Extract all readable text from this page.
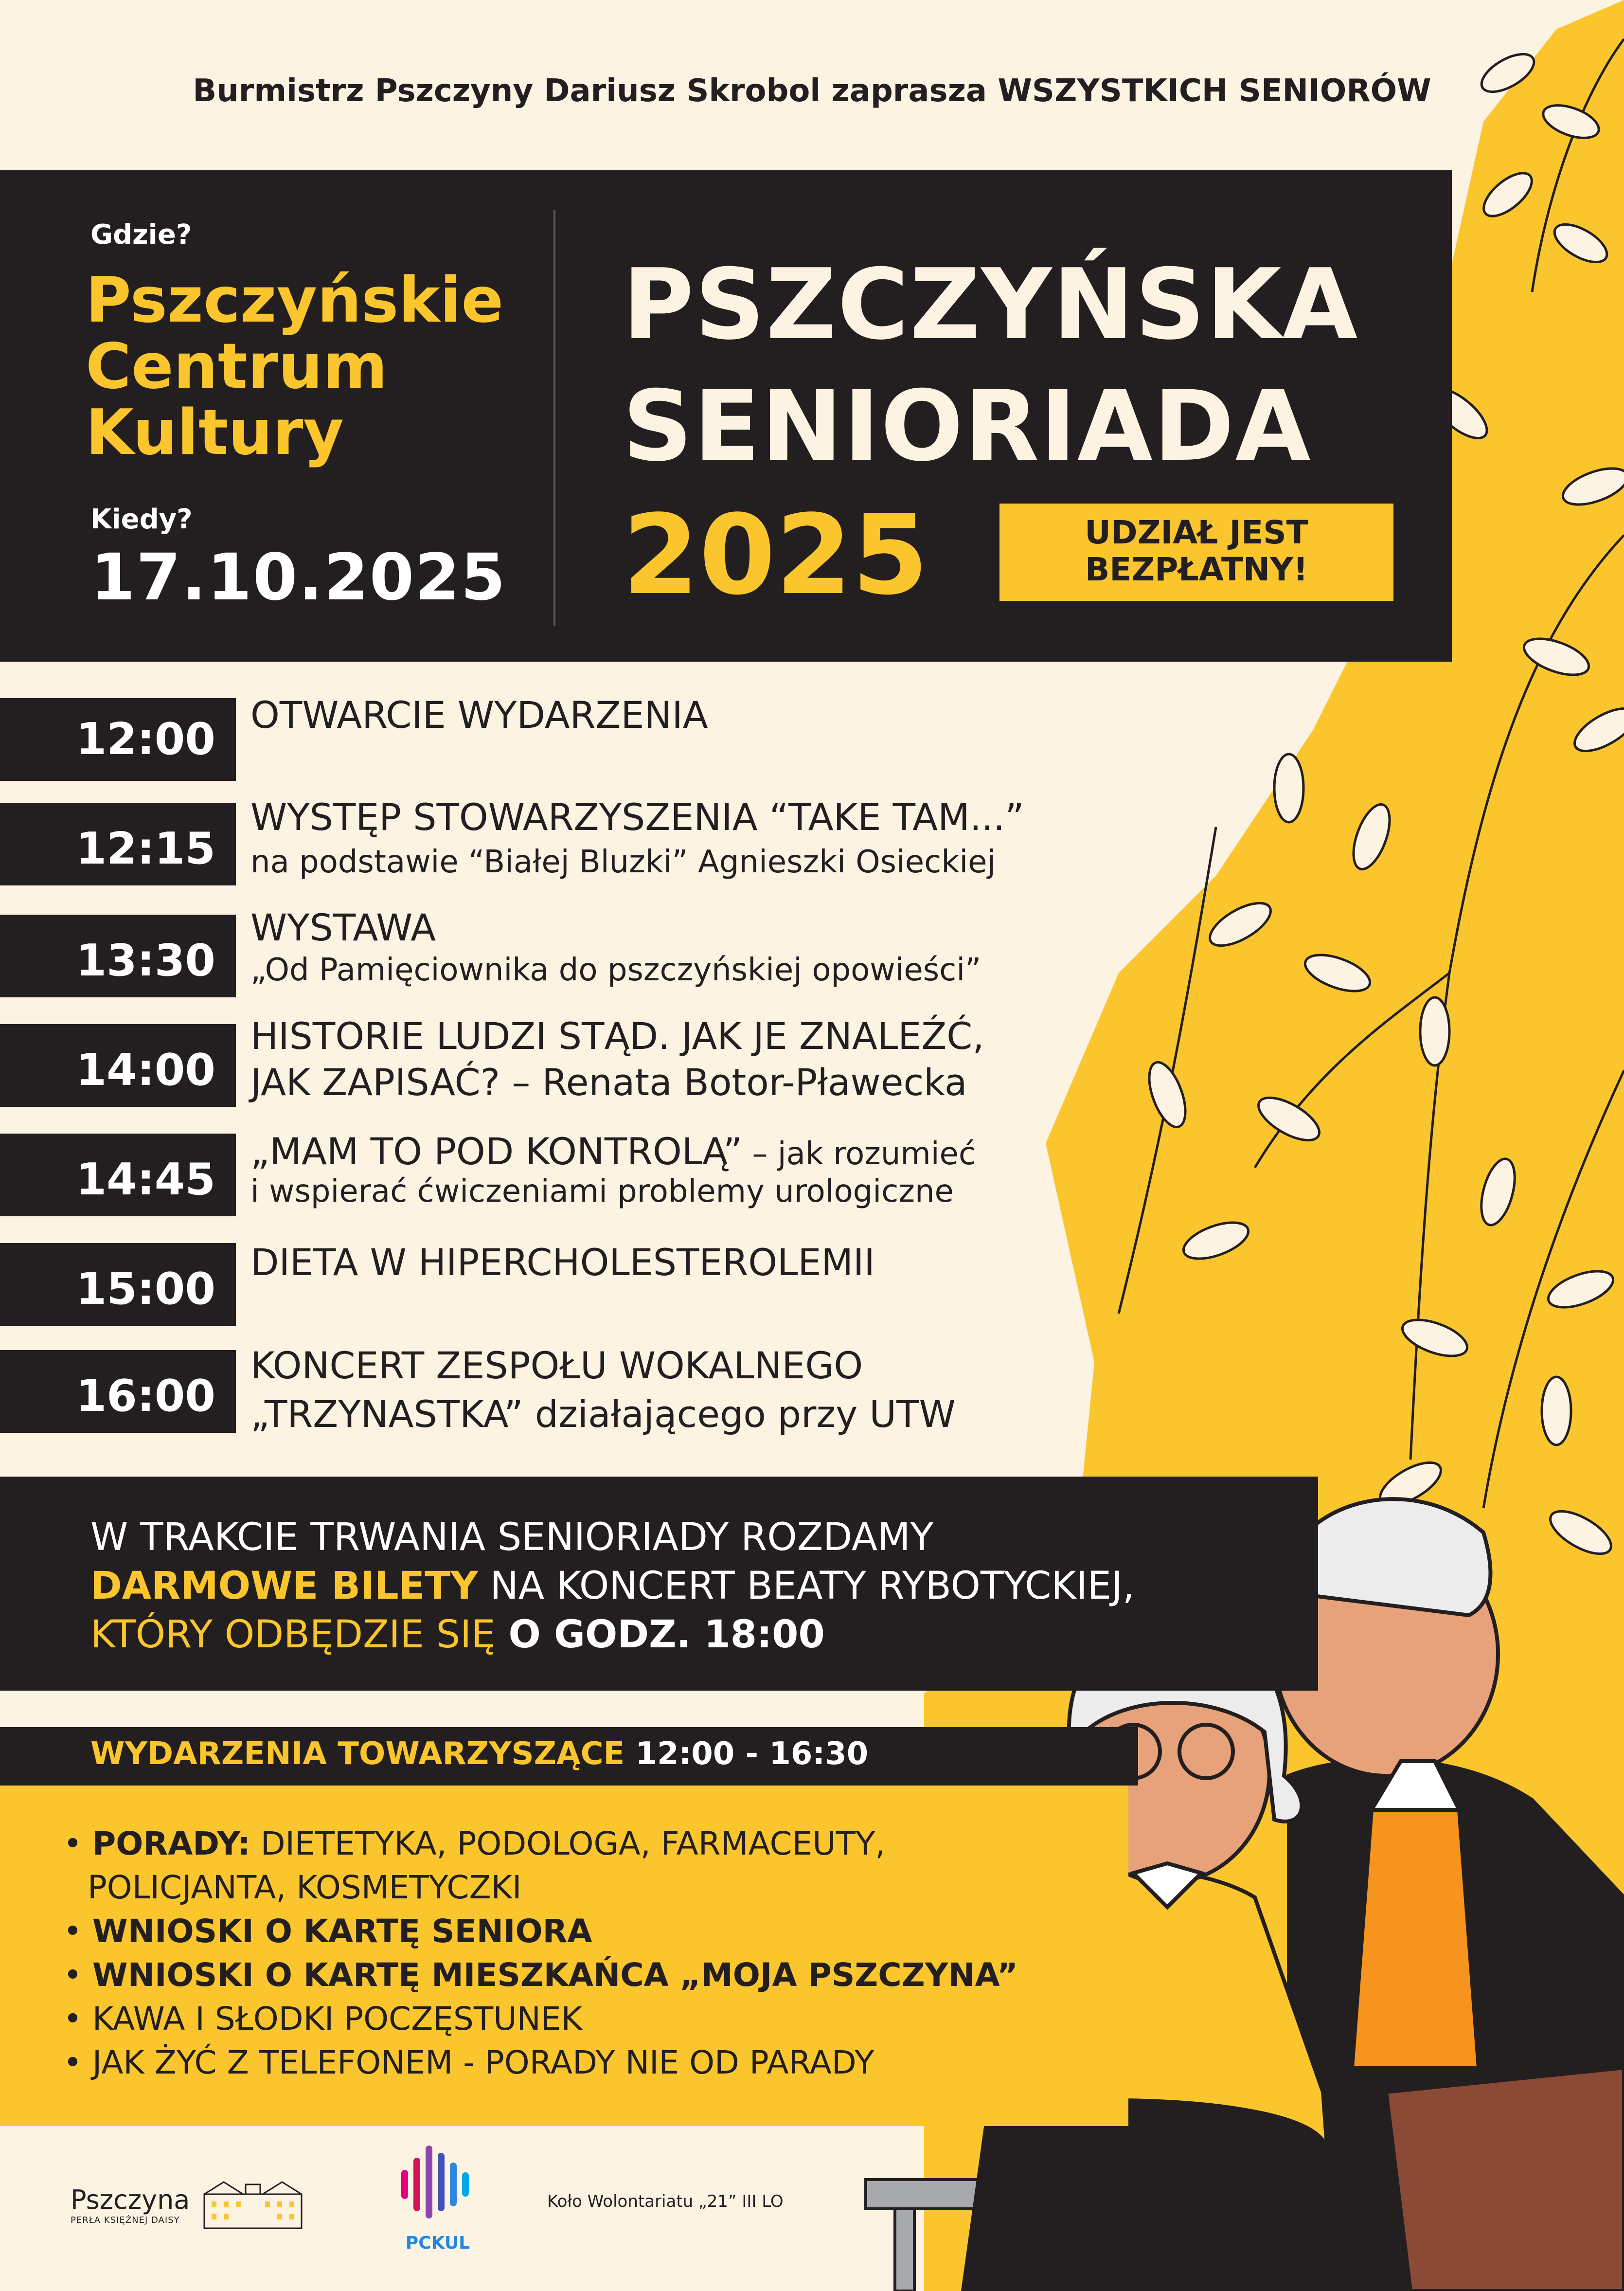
Burmistrz Pszczyny Dariusz Skrobol zaprasza WSZYSTKICH SENIORÓW
Gdzie?
Pszczyńskie
Centrum
Kultury
Kiedy?
17.10.2025
PSZCZYŃSKA
SENIORIADA
2025	UDZIAŁ JEST
BEZPŁATNY!
12:00 OTWARCIE WYDARZENIA
12:15
WYSTĘP STOWARZYSZENIA “TAKE TAM...”
na podstawie “Białej Bluzki” Agnieszki Osieckiej
13:30
WYSTAWA
„Od Pamięciownika do pszczyńskiej opowieści”
14:00
HISTORIE LUDZI STĄD. JAK JE ZNALEŹĆ,
JAK ZAPISAĆ? – Renata Botor-Pławecka
14:45
„MAM TO POD KONTROLĄ” – jak rozumieć
i wspierać ćwiczeniami problemy urologiczne
15:00
DIETA W HIPERCHOLESTEROLEMII
16:00
KONCERT ZESPOŁU WOKALNEGO
„TRZYNASTKA” działającego przy UTW
W TRAKCIE TRWANIA SENIORIADY ROZDAMY
DARMOWE BILETY NA KONCERT BEATY RYBOTYCKIEJ,
KTÓRY ODBĘDZIE SIĘ O GODZ. 18:00
WYDARZENIA TOWARZYSZĄCE 12:00 - 16:30
• PORADY: DIETETYKA, PODOLOGA, FARMACEUTY,
POLICJANTA, KOSMETYCZKI
• WNIOSKI O KARTĘ SENIORA
• WNIOSKI O KARTĘ MIESZKAŃCA „MOJA PSZCZYNA”
• KAWA I SŁODKI POCZĘSTUNEK
• JAK ŻYĆ Z TELEFONEM - PORADY NIE OD PARADY
Pszczyna
PERŁA KSIĘŻNEJ DAISY
PCKUL
Koło Wolontariatu „21” III LO
